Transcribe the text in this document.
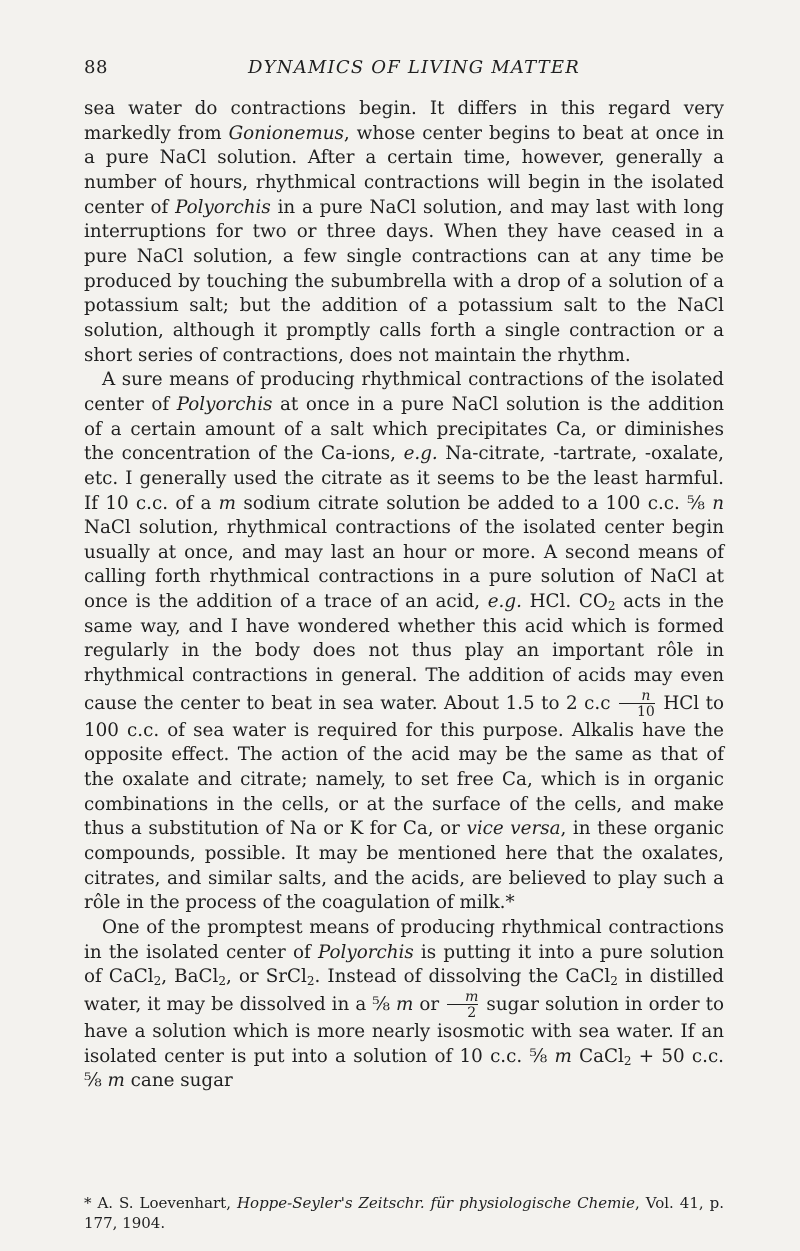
88	DYNAMICS OF LIVING MATTER

sea water do contractions begin. It differs in this regard very markedly from Gonionemus, whose center begins to beat at once in a pure NaCl solution. After a certain time, however, generally a number of hours, rhythmical contractions will begin in the isolated center of Polyorchis in a pure NaCl solution, and may last with long interruptions for two or three days. When they have ceased in a pure NaCl solution, a few single contractions can at any time be produced by touching the subumbrella with a drop of a solution of a potassium salt; but the addition of a potassium salt to the NaCl solution, although it promptly calls forth a single contraction or a short series of contractions, does not maintain the rhythm.

A sure means of producing rhythmical contractions of the isolated center of Polyorchis at once in a pure NaCl solution is the addition of a certain amount of a salt which precipitates Ca, or diminishes the concentration of the Ca-ions, e.g. Na-citrate, -tartrate, -oxalate, etc. I generally used the citrate as it seems to be the least harmful. If 10 c.c. of a m sodium citrate solution be added to a 100 c.c. ⅝ n NaCl solution, rhythmical contractions of the isolated center begin usually at once, and may last an hour or more. A second means of calling forth rhythmical contractions in a pure solution of NaCl at once is the addition of a trace of an acid, e.g. HCl. $CO_2$ acts in the same way, and I have wondered whether this acid which is formed regularly in the body does not thus play an important rôle in rhythmical contractions in general. The addition of acids may even cause the center to beat in sea water. About 1.5 to 2 $c.c \frac{n}{10}$ HCl to 100 c.c. of sea water is required for this purpose. Alkalis have the opposite effect. The action of the acid may be the same as that of the oxalate and citrate; namely, to set free Ca, which is in organic combinations in the cells, or at the surface of the cells, and make thus a substitution of Na or K for Ca, or vice versa, in these organic compounds, possible. It may be mentioned here that the oxalates, citrates, and similar salts, and the acids, are believed to play such a rôle in the process of the coagulation of milk.*

One of the promptest means of producing rhythmical contractions in the isolated center of Polyorchis is putting it into a pure solution of CaCl$_2$, BaCl$_2$, or SrCl$_2$. Instead of dissolving the CaCl$_2$ in distilled water, it may be dissolved in a ⅝ m or $\frac{m}{2}$ sugar solution in order to have a solution which is more nearly isosmotic with sea water. If an isolated center is put into a solution of 10 c.c. ⅝ m CaCl$_2$ + 50 c.c. ⅝ m cane sugar

* A. S. Loevenhart, Hoppe-Seyler's Zeitschr. für physiologische Chemie, Vol. 41, p. 177, 1904.
